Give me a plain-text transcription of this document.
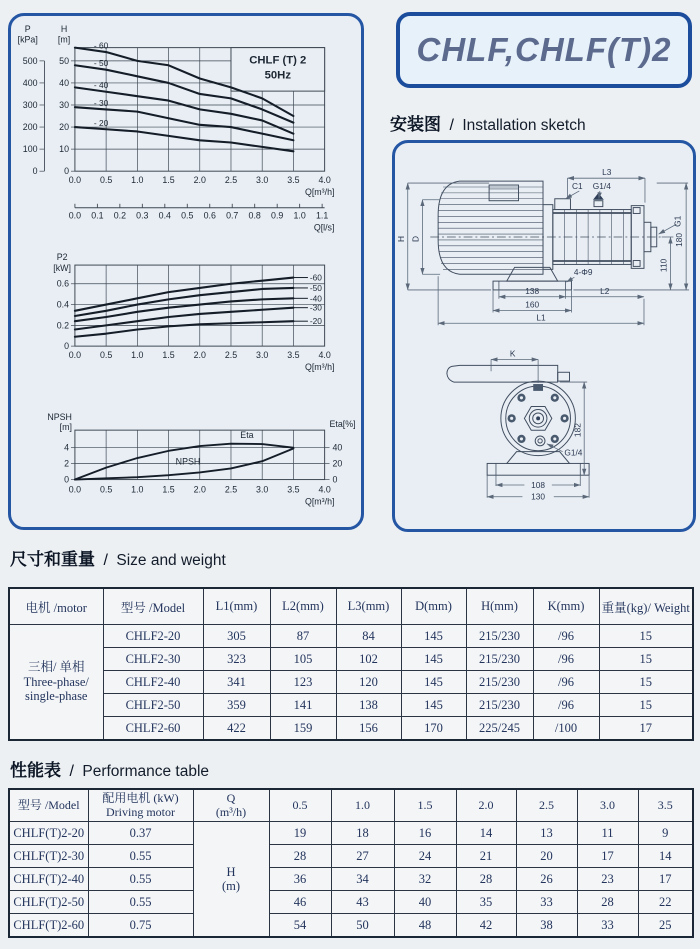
0
10
20
30
40
50
H
[m]
0
100
200
300
400
500
P
[kPa]
CHLF (T) 2
50Hz
- 60
- 50
- 40
- 30
- 20
0.0 0.5 1.0 1.5 2.0 2.5 3.0 3.5 4.0
Q[m³/h]
0.0 0.1 0.2 0.3 0.4 0.5 0.6 0.7 0.8 0.9 1.0 1.1
Q[l/s]
0
0.2
0.4
0.6
P2
[kW]
-60
-50
-40
-30
-20
0.0 0.5 1.0 1.5 2.0 2.5 3.0 3.5 4.0
Q[m³/h]
0
2
4
NPSH
[m]
0
20
40
Eta[%]
Eta
NPSH
0.0 0.5 1.0 1.5 2.0 2.5 3.0 3.5 4.0
Q[m³/h]
CHLF,CHLF(T)2
安装图 / Installation sketch
H D
L3
C1 G1/4
G1
180
110
4-Φ9
138	L2
160
L1
K
182
G1/4
108
130
尺寸和重量 / Size and weight
电机 /motor	型号 /Model	L1(mm)	L2(mm)	L3(mm)	D(mm)	H(mm)	K(mm)	重量(kg)/ Weight

三相/ 单相
Three-phase/
single-phase	CHLF2-20	305	87	84	145	215/230	/96	15
	CHLF2-30	323	105	102	145	215/230	/96	15
	CHLF2-40	341	123	120	145	215/230	/96	15
	CHLF2-50	359	141	138	145	215/230	/96	15
	CHLF2-60	422	159	156	170	225/245	/100	17
性能表 / Performance table
型号 /Model	配用电机 (kW)
Driving motor	Q
(m³/h)	0.5	1.0	1.5	2.0	2.5	3.0	3.5
CHLF(T)2-20	0.37	H
(m)	19	18	16	14	13	11	9
CHLF(T)2-30	0.55		28	27	24	21	20	17	14
CHLF(T)2-40	0.55		36	34	32	28	26	23	17
CHLF(T)2-50	0.55		46	43	40	35	33	28	22
CHLF(T)2-60	0.75		54	50	48	42	38	33	25
